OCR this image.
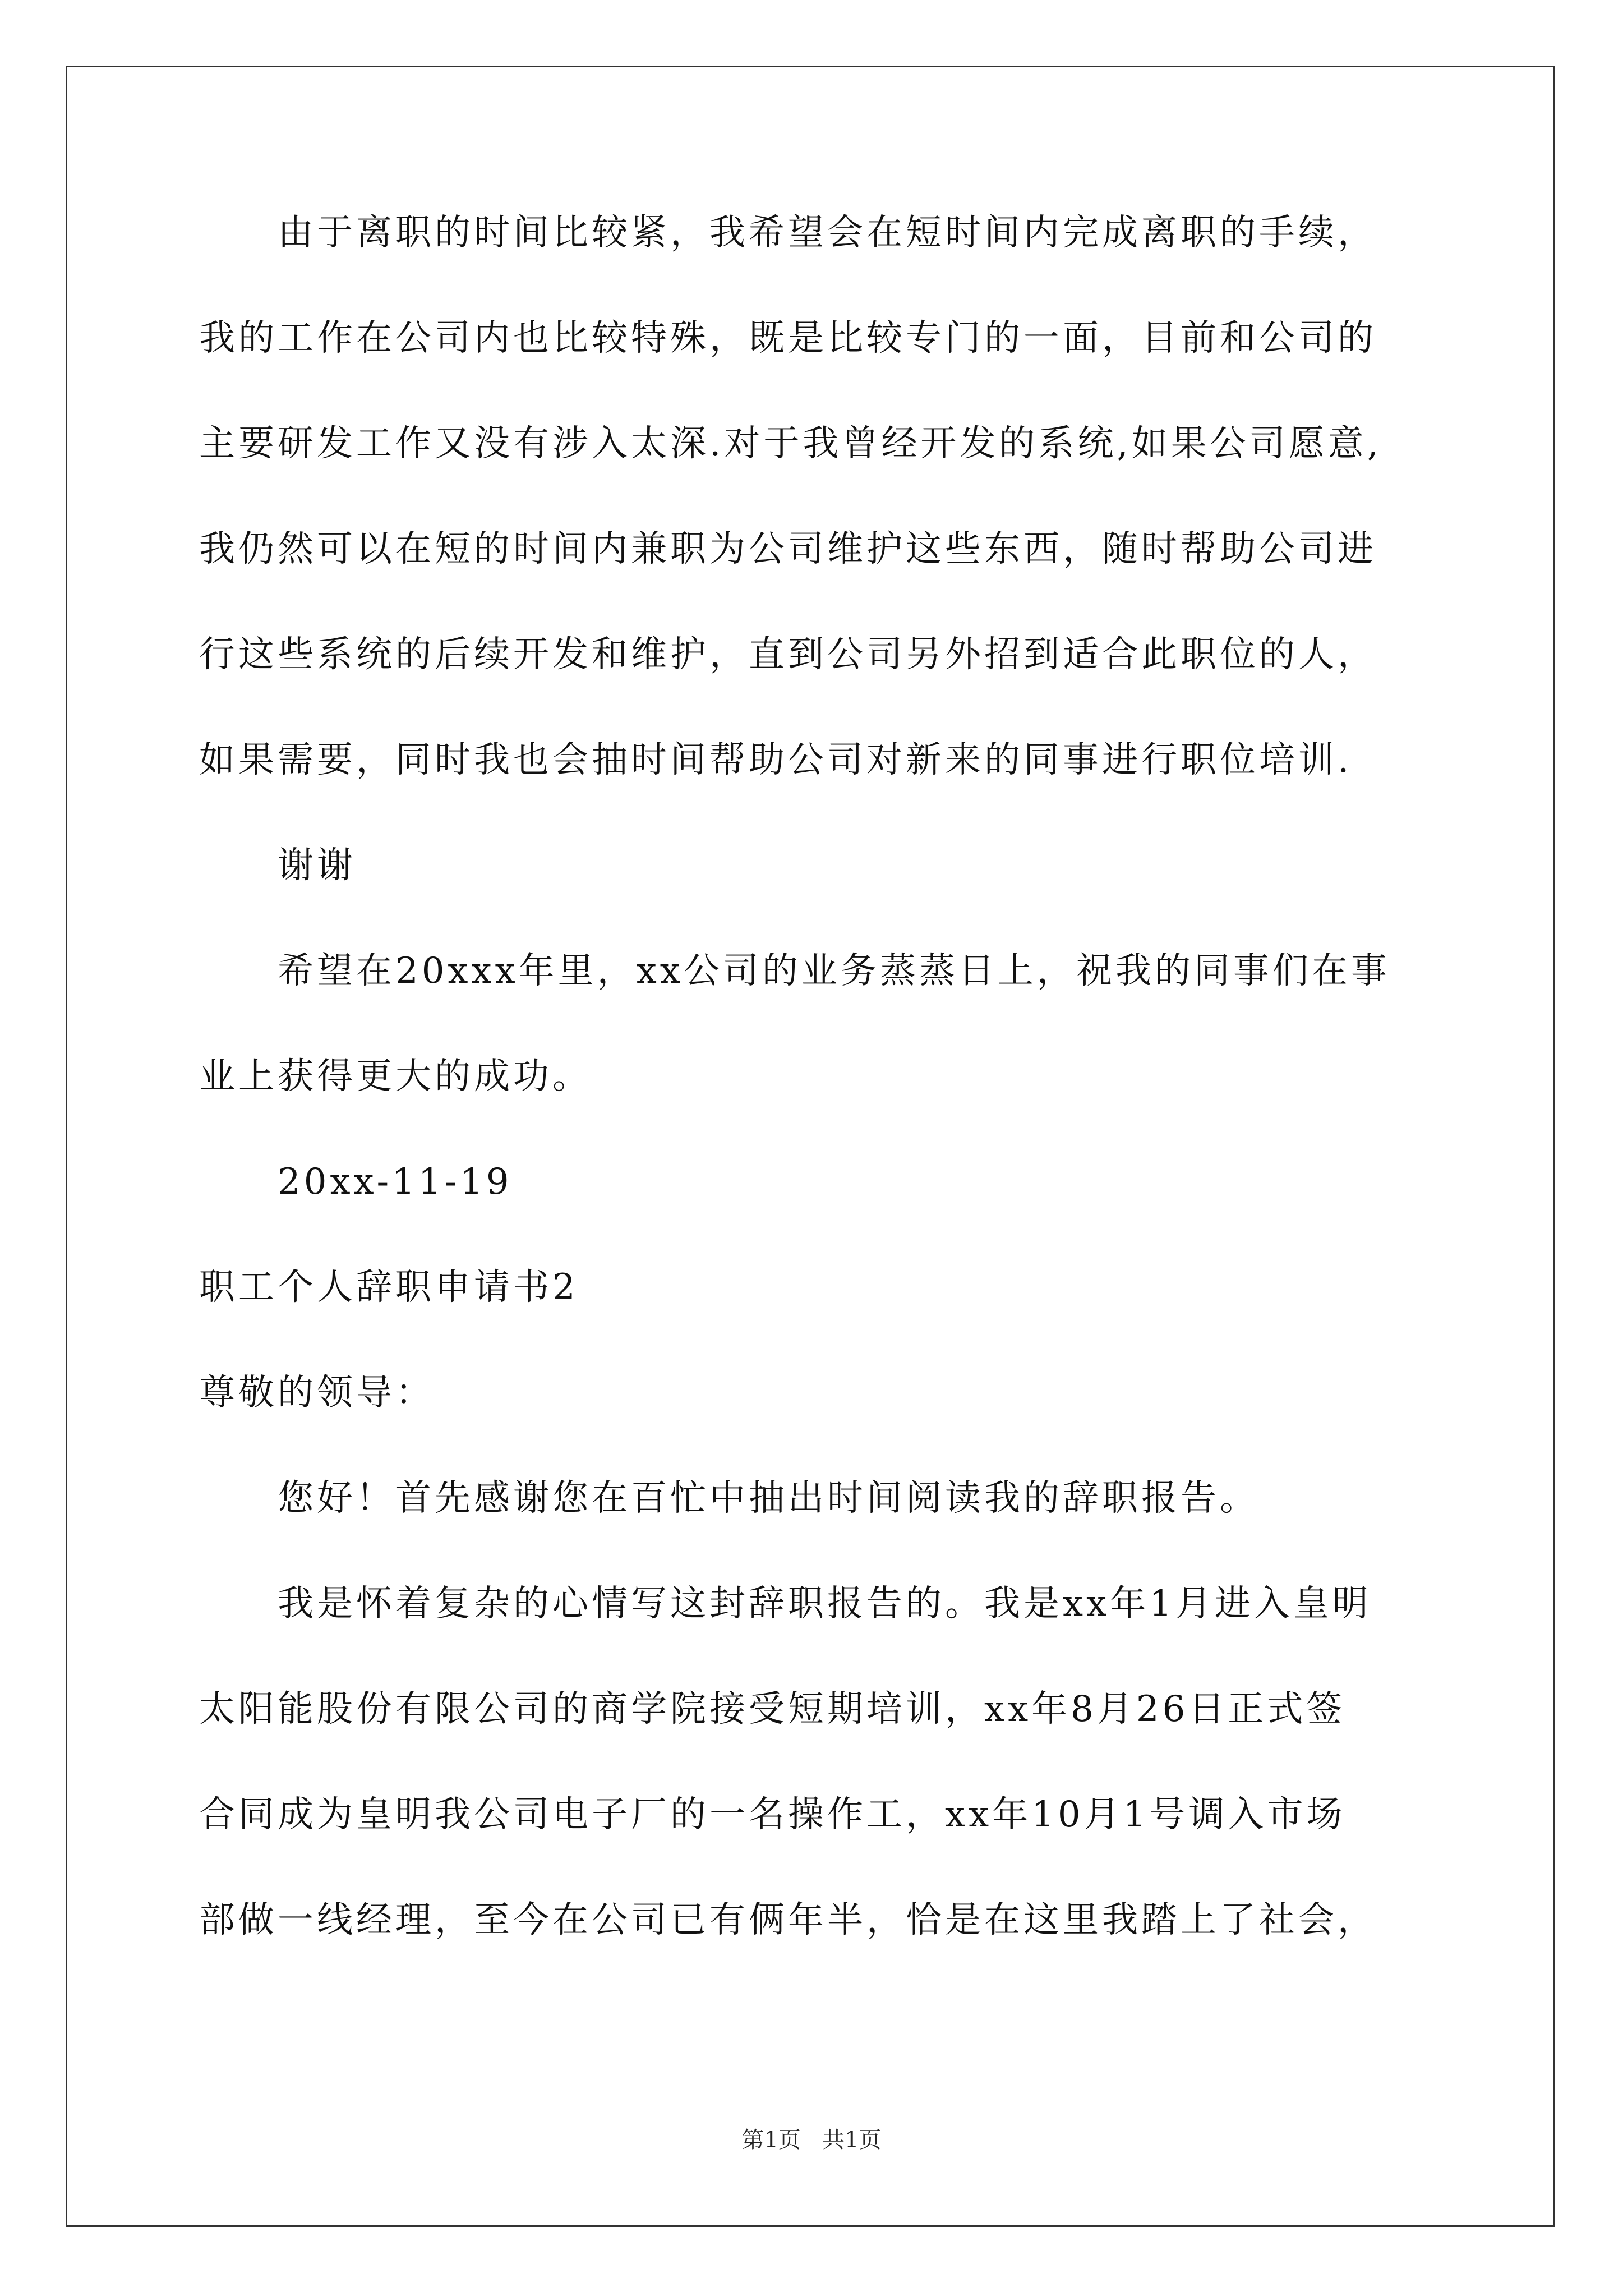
由于离职的时间比较紧，我希望会在短时间内完成离职的手续，
我的工作在公司内也比较特殊，既是比较专门的一面，目前和公司的
主要研发工作又没有涉入太深.对于我曾经开发的系统,如果公司愿意,
我仍然可以在短的时间内兼职为公司维护这些东西，随时帮助公司进
行这些系统的后续开发和维护，直到公司另外招到适合此职位的人，
如果需要，同时我也会抽时间帮助公司对新来的同事进行职位培训.
谢谢
希望在20xxx年里，xx公司的业务蒸蒸日上，祝我的同事们在事
业上获得更大的成功。
20xx-11-19
职工个人辞职申请书2
尊敬的领导：
您好！首先感谢您在百忙中抽出时间阅读我的辞职报告。
我是怀着复杂的心情写这封辞职报告的。我是xx年1月进入皇明
太阳能股份有限公司的商学院接受短期培训，xx年8月26日正式签
合同成为皇明我公司电子厂的一名操作工，xx年10月1号调入市场
部做一线经理，至今在公司已有俩年半，恰是在这里我踏上了社会，
第1页   共1页
